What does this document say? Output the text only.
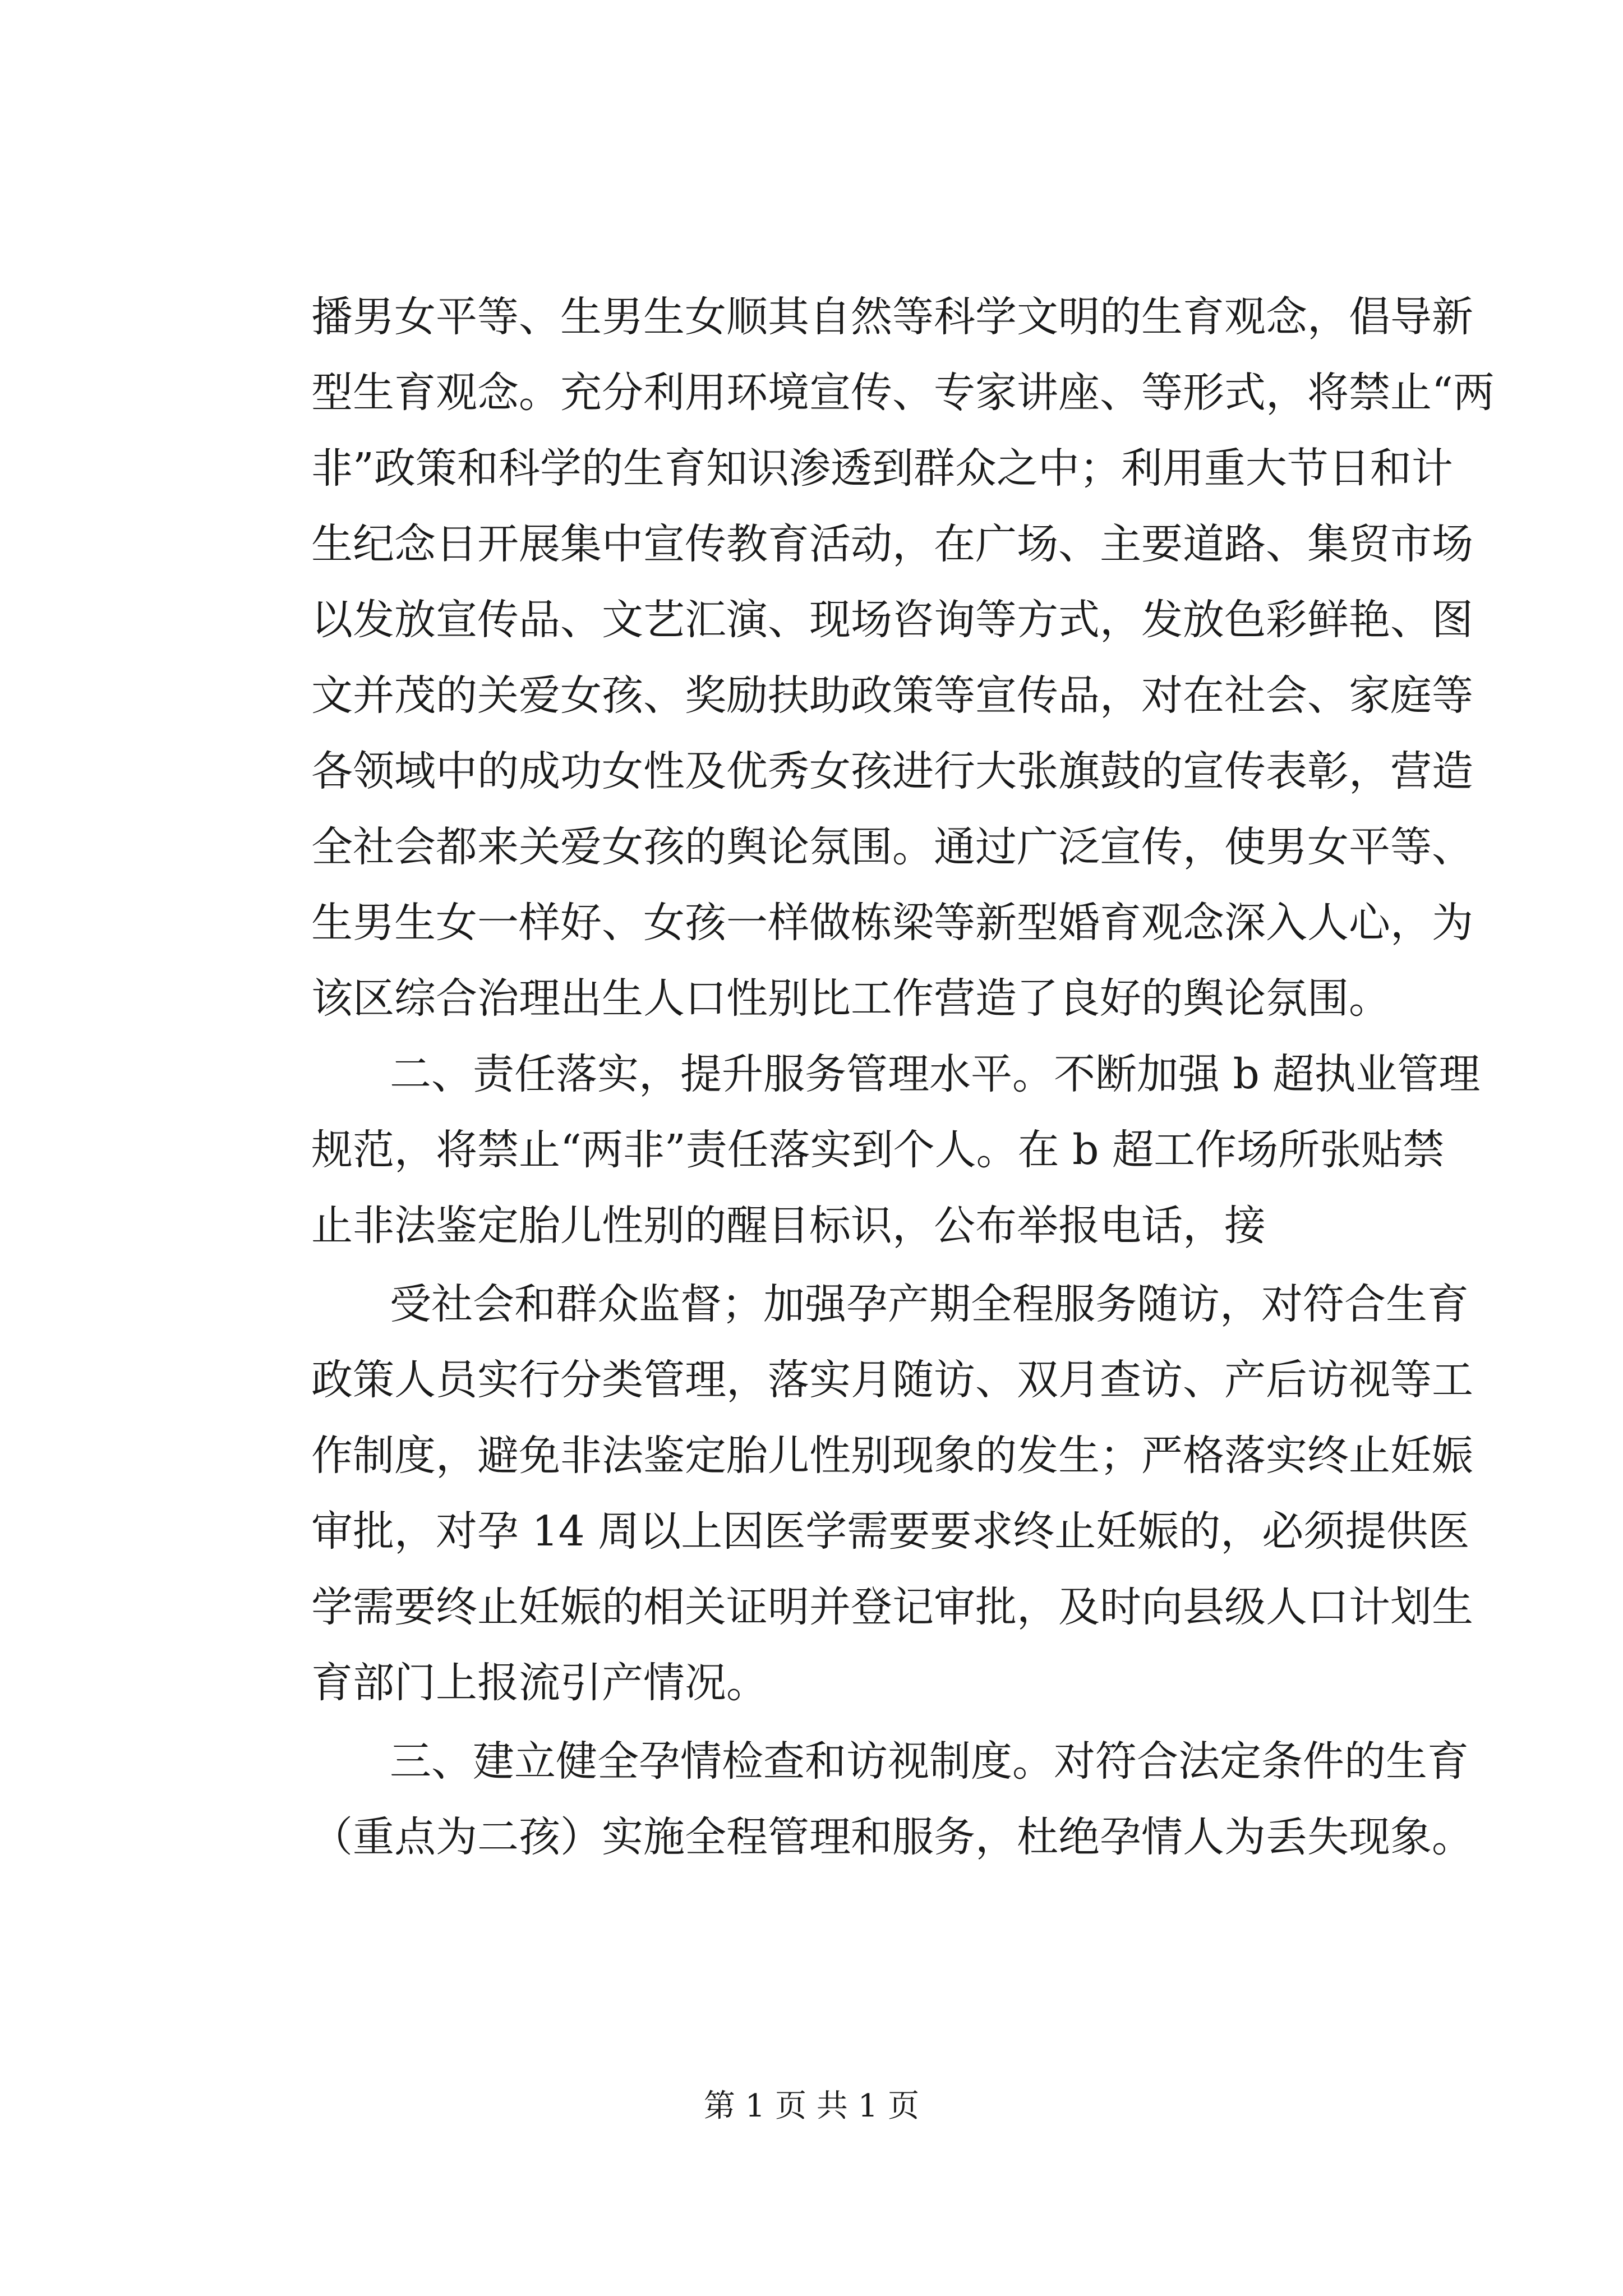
播男女平等、生男生女顺其自然等科学文明的生育观念，倡导新
型生育观念。充分利用环境宣传、专家讲座、等形式，将禁止“两
非”政策和科学的生育知识渗透到群众之中；利用重大节日和计
生纪念日开展集中宣传教育活动，在广场、主要道路、集贸市场
以发放宣传品、文艺汇演、现场咨询等方式，发放色彩鲜艳、图
文并茂的关爱女孩、奖励扶助政策等宣传品，对在社会、家庭等
各领域中的成功女性及优秀女孩进行大张旗鼓的宣传表彰，营造
全社会都来关爱女孩的舆论氛围。通过广泛宣传，使男女平等、
生男生女一样好、女孩一样做栋梁等新型婚育观念深入人心，为
该区综合治理出生人口性别比工作营造了良好的舆论氛围。
二、责任落实，提升服务管理水平。不断加强 b 超执业管理
规范，将禁止“两非”责任落实到个人。在 b 超工作场所张贴禁
止非法鉴定胎儿性别的醒目标识，公布举报电话，接
受社会和群众监督；加强孕产期全程服务随访，对符合生育
政策人员实行分类管理，落实月随访、双月查访、产后访视等工
作制度，避免非法鉴定胎儿性别现象的发生；严格落实终止妊娠
审批，对孕 14 周以上因医学需要要求终止妊娠的，必须提供医
学需要终止妊娠的相关证明并登记审批，及时向县级人口计划生
育部门上报流引产情况。
三、建立健全孕情检查和访视制度。对符合法定条件的生育
（重点为二孩）实施全程管理和服务，杜绝孕情人为丢失现象。
第 1 页 共 1 页
